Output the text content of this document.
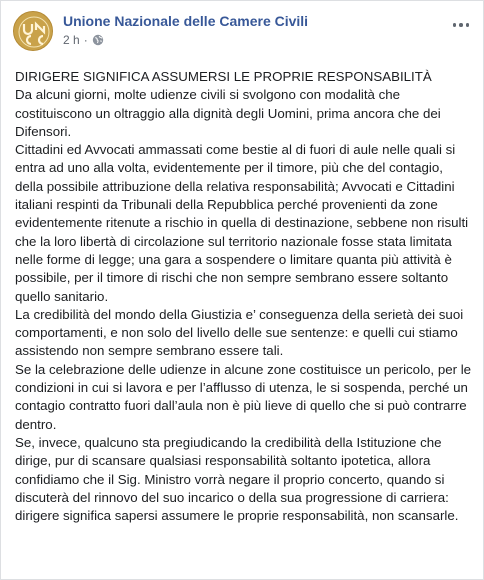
Unione Nazionale delle Camere Civili
2 h ·

DIRIGERE SIGNIFICA ASSUMERSI LE PROPRIE RESPONSABILITÀ

Da alcuni giorni, molte udienze civili si svolgono con modalità che costituiscono un oltraggio alla dignità degli Uomini, prima ancora che dei Difensori.

Cittadini ed Avvocati ammassati come bestie al di fuori di aule nelle quali si entra ad uno alla volta, evidentemente per il timore, più che del contagio, della possibile attribuzione della relativa responsabilità; Avvocati e Cittadini italiani respinti da Tribunali della Repubblica perché provenienti da zone evidentemente ritenute a rischio in quella di destinazione, sebbene non risulti che la loro libertà di circolazione sul territorio nazionale fosse stata limitata nelle forme di legge; una gara a sospendere o limitare quanta più attività è possibile, per il timore di rischi che non sempre sembrano essere soltanto quello sanitario.

La credibilità del mondo della Giustizia e’ conseguenza della serietà dei suoi comportamenti, e non solo del livello delle sue sentenze: e quelli cui stiamo assistendo non sempre sembrano essere tali.

Se la celebrazione delle udienze in alcune zone costituisce un pericolo, per le condizioni in cui si lavora e per l’afflusso di utenza, le si sospenda, perché un contagio contratto fuori dall’aula non è più lieve di quello che si può contrarre dentro.

Se, invece, qualcuno sta pregiudicando la credibilità della Istituzione che dirige, pur di scansare qualsiasi responsabilità soltanto ipotetica, allora confidiamo che il Sig. Ministro vorrà negare il proprio concerto, quando si discuterà del rinnovo del suo incarico o della sua progressione di carriera: dirigere significa sapersi assumere le proprie responsabilità, non scansarle.
